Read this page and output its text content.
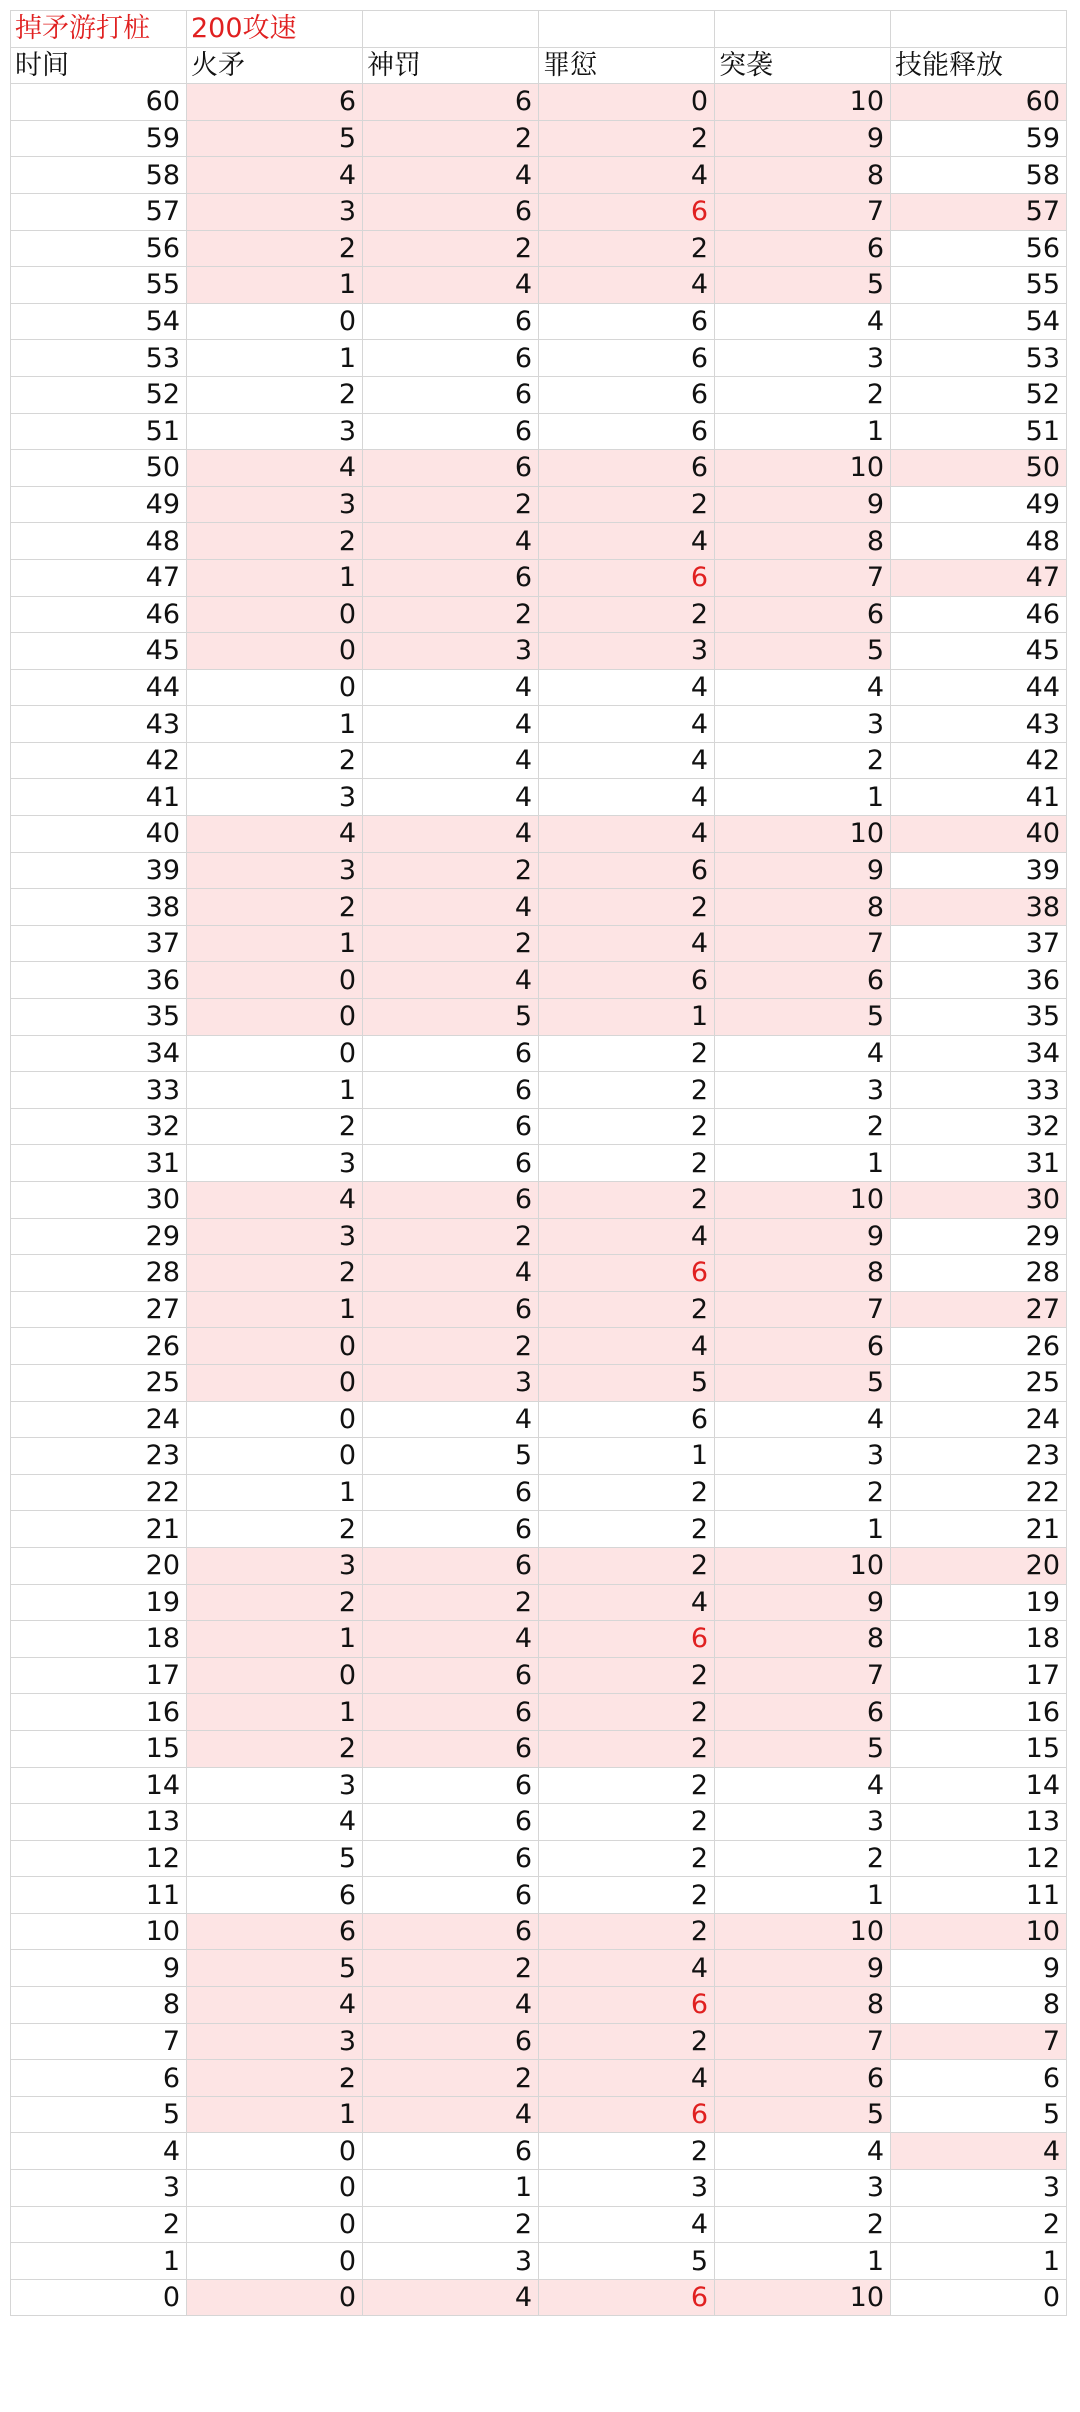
掉矛游打桩	200攻速				
时间	火矛	神罚	罪愆	突袭	技能释放
60	6	6	0	10	60
59	5	2	2	9	59
58	4	4	4	8	58
57	3	6	6	7	57
56	2	2	2	6	56
55	1	4	4	5	55
54	0	6	6	4	54
53	1	6	6	3	53
52	2	6	6	2	52
51	3	6	6	1	51
50	4	6	6	10	50
49	3	2	2	9	49
48	2	4	4	8	48
47	1	6	6	7	47
46	0	2	2	6	46
45	0	3	3	5	45
44	0	4	4	4	44
43	1	4	4	3	43
42	2	4	4	2	42
41	3	4	4	1	41
40	4	4	4	10	40
39	3	2	6	9	39
38	2	4	2	8	38
37	1	2	4	7	37
36	0	4	6	6	36
35	0	5	1	5	35
34	0	6	2	4	34
33	1	6	2	3	33
32	2	6	2	2	32
31	3	6	2	1	31
30	4	6	2	10	30
29	3	2	4	9	29
28	2	4	6	8	28
27	1	6	2	7	27
26	0	2	4	6	26
25	0	3	5	5	25
24	0	4	6	4	24
23	0	5	1	3	23
22	1	6	2	2	22
21	2	6	2	1	21
20	3	6	2	10	20
19	2	2	4	9	19
18	1	4	6	8	18
17	0	6	2	7	17
16	1	6	2	6	16
15	2	6	2	5	15
14	3	6	2	4	14
13	4	6	2	3	13
12	5	6	2	2	12
11	6	6	2	1	11
10	6	6	2	10	10
9	5	2	4	9	9
8	4	4	6	8	8
7	3	6	2	7	7
6	2	2	4	6	6
5	1	4	6	5	5
4	0	6	2	4	4
3	0	1	3	3	3
2	0	2	4	2	2
1	0	3	5	1	1
0	0	4	6	10	0
